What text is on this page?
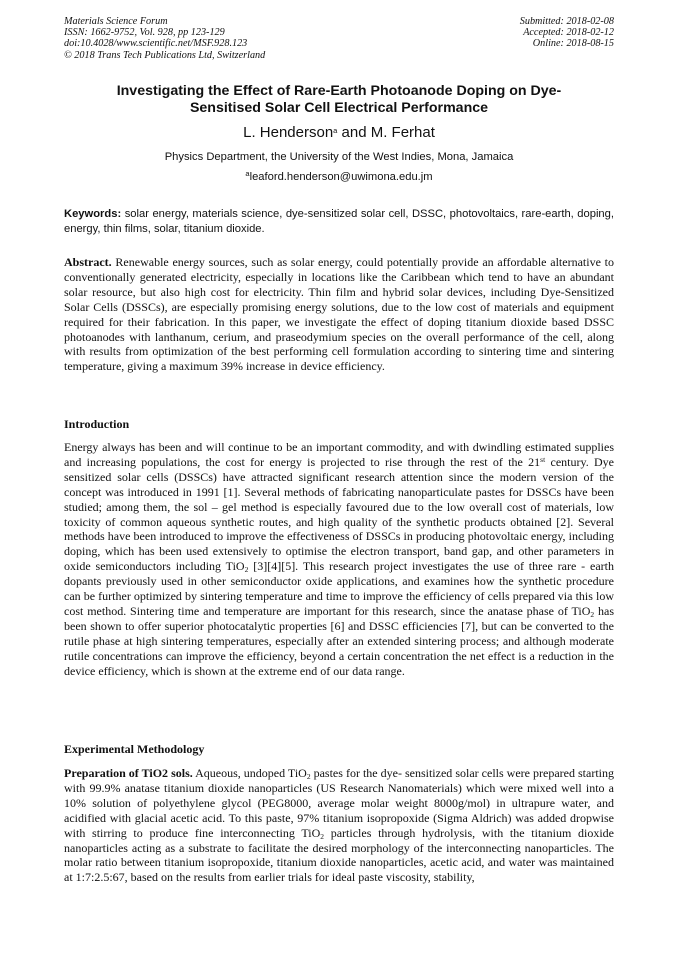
Materials Science Forum
ISSN: 1662-9752, Vol. 928, pp 123-129
doi:10.4028/www.scientific.net/MSF.928.123
© 2018 Trans Tech Publications Ltd, Switzerland
Submitted: 2018-02-08
Accepted: 2018-02-12
Online: 2018-08-15
Investigating the Effect of Rare-Earth Photoanode Doping on Dye-
Sensitised Solar Cell Electrical Performance
L. Henderson$^a$ and M. Ferhat
Physics Department, the University of the West Indies, Mona, Jamaica
$^a$leaford.henderson@uwimona.edu.jm
Keywords: solar energy, materials science, dye-sensitized solar cell, DSSC, photovoltaics, rare-earth, doping, energy, thin films, solar, titanium dioxide.
Abstract. Renewable energy sources, such as solar energy, could potentially provide an affordable alternative to conventionally generated electricity, especially in locations like the Caribbean which tend to have an abundant solar resource, but also high cost for electricity. Thin film and hybrid solar devices, including Dye-Sensitized Solar Cells (DSSCs), are especially promising energy solutions, due to the low cost of materials and equipment required for their fabrication. In this paper, we investigate the effect of doping titanium dioxide based DSSC photoanodes with lanthanum, cerium, and praseodymium species on the overall performance of the cell, along with results from optimization of the best performing cell formulation according to sintering time and sintering temperature, giving a maximum 39% increase in device efficiency.
Introduction
Energy always has been and will continue to be an important commodity, and with dwindling estimated supplies and increasing populations, the cost for energy is projected to rise through the rest of the 21st century. Dye sensitized solar cells (DSSCs) have attracted significant research attention since the modern version of the concept was introduced in 1991 [1]. Several methods of fabricating nanoparticulate pastes for DSSCs have been studied; among them, the sol – gel method is especially favoured due to the low overall cost of materials, low toxicity of common aqueous synthetic routes, and high quality of the synthetic products obtained [2]. Several methods have been introduced to improve the effectiveness of DSSCs in producing photovoltaic energy, including doping, which has been used extensively to optimise the electron transport, band gap, and other parameters in oxide semiconductors including TiO$_2$ [3][4][5]. This research project investigates the use of three rare - earth dopants previously used in other semiconductor oxide applications, and examines how the synthetic procedure can be further optimized by sintering temperature and time to improve the efficiency of cells prepared via this low cost method. Sintering time and temperature are important for this research, since the anatase phase of TiO$_2$ has been shown to offer superior photocatalytic properties [6] and DSSC efficiencies [7], but can be converted to the rutile phase at high sintering temperatures, especially after an extended sintering process; and although moderate rutile concentrations can improve the efficiency, beyond a certain concentration the net effect is a reduction in the device efficiency, which is shown at the extreme end of our data range.
Experimental Methodology
Preparation of TiO2 sols. Aqueous, undoped TiO$_2$ pastes for the dye- sensitized solar cells were prepared starting with 99.9% anatase titanium dioxide nanoparticles (US Research Nanomaterials) which were mixed well into a 10% solution of polyethylene glycol (PEG8000, average molar weight 8000g/mol) in ultrapure water, and acidified with glacial acetic acid. To this paste, 97% titanium isopropoxide (Sigma Aldrich) was added dropwise with stirring to produce fine interconnecting TiO$_2$ particles through hydrolysis, with the titanium dioxide nanoparticles acting as a substrate to facilitate the desired morphology of the interconnecting nanoparticles. The molar ratio between titanium isopropoxide, titanium dioxide nanoparticles, acetic acid, and water was maintained at 1:7:2.5:67, based on the results from earlier trials for ideal paste viscosity, stability,
